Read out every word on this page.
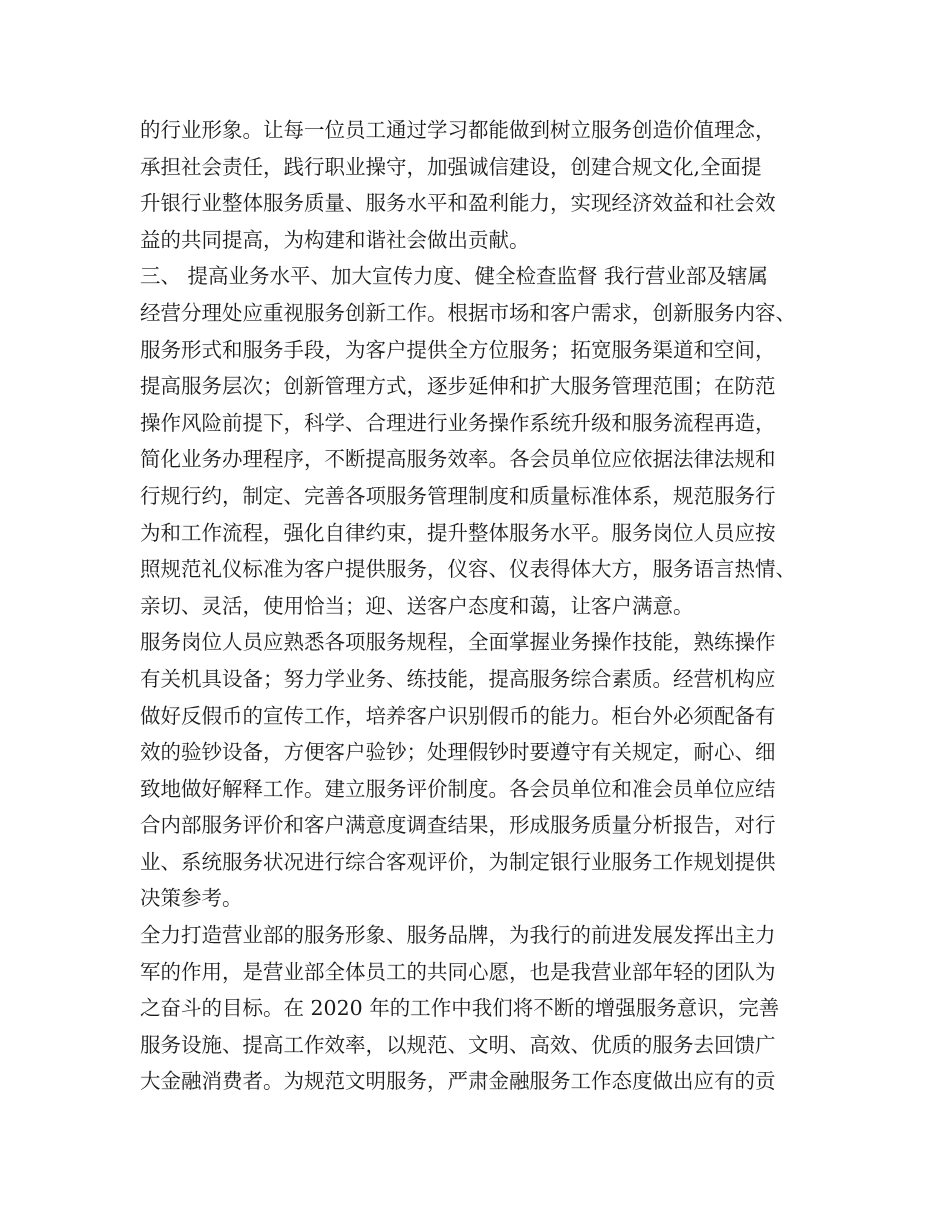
的行业形象。让每一位员工通过学习都能做到树立服务创造价值理念，
承担社会责任，践行职业操守，加强诚信建设，创建合规文化,全面提
升银行业整体服务质量、服务水平和盈利能力，实现经济效益和社会效
益的共同提高，为构建和谐社会做出贡献。
三、 提高业务水平、加大宣传力度、健全检查监督 我行营业部及辖属
经营分理处应重视服务创新工作。根据市场和客户需求，创新服务内容、
服务形式和服务手段，为客户提供全方位服务；拓宽服务渠道和空间，
提高服务层次；创新管理方式，逐步延伸和扩大服务管理范围；在防范
操作风险前提下，科学、合理进行业务操作系统升级和服务流程再造，
简化业务办理程序，不断提高服务效率。各会员单位应依据法律法规和
行规行约，制定、完善各项服务管理制度和质量标准体系，规范服务行
为和工作流程，强化自律约束，提升整体服务水平。服务岗位人员应按
照规范礼仪标准为客户提供服务，仪容、仪表得体大方，服务语言热情、
亲切、灵活，使用恰当；迎、送客户态度和蔼，让客户满意。
服务岗位人员应熟悉各项服务规程，全面掌握业务操作技能，熟练操作
有关机具设备；努力学业务、练技能，提高服务综合素质。经营机构应
做好反假币的宣传工作，培养客户识别假币的能力。柜台外必须配备有
效的验钞设备，方便客户验钞；处理假钞时要遵守有关规定，耐心、细
致地做好解释工作。建立服务评价制度。各会员单位和准会员单位应结
合内部服务评价和客户满意度调查结果，形成服务质量分析报告，对行
业、系统服务状况进行综合客观评价，为制定银行业服务工作规划提供
决策参考。
全力打造营业部的服务形象、服务品牌，为我行的前进发展发挥出主力
军的作用，是营业部全体员工的共同心愿，也是我营业部年轻的团队为
之奋斗的目标。在 2020 年的工作中我们将不断的增强服务意识，完善
服务设施、提高工作效率，以规范、文明、高效、优质的服务去回馈广
大金融消费者。为规范文明服务，严肃金融服务工作态度做出应有的贡
